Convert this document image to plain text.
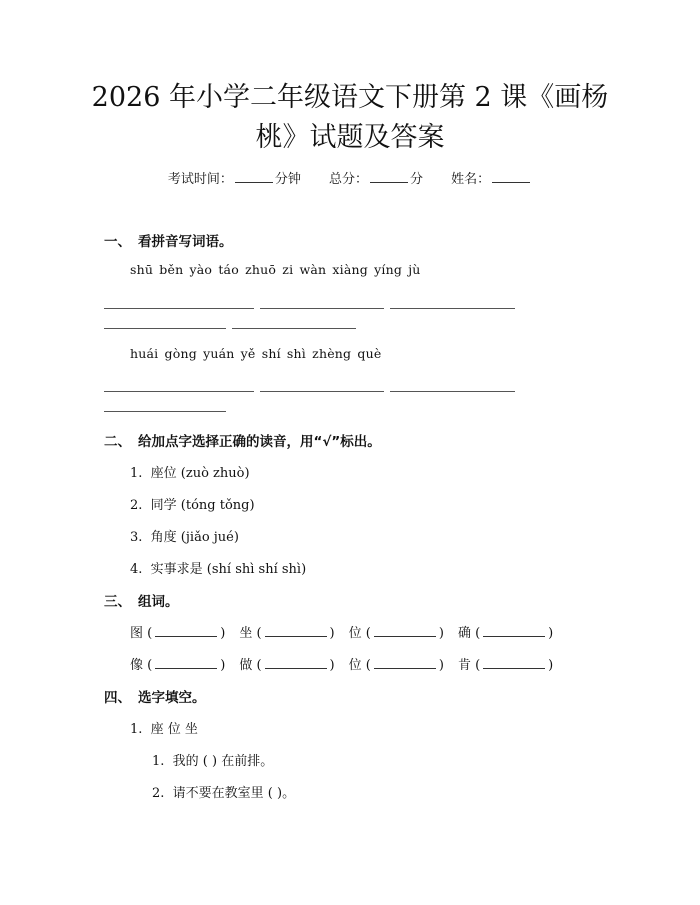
2026 年小学二年级语文下册第 2 课《画杨
桃》试题及答案
考试时间：	分钟 总分：	分 姓名：
一、 看拼音写词语。
shū běn yào táo zhuō zi wàn xiàng yíng jù
huái gòng yuán yě shí shì zhèng què
二、 给加点字选择正确的读音，用“√”标出。
1. 座位 (zuò zhuò)
2. 同学 (tóng tǒng)
3. 角度 (jiǎo jué)
4. 实事求是 (shí shì shí shì)
三、 组词。
图 (	) 坐 (	) 位 (	) 确 (	)
像 (	) 做 (	) 位 (	) 肯 (	)
四、 选字填空。
1. 座 位 坐
1. 我的 ( ) 在前排。
2. 请不要在教室里 ( )。
